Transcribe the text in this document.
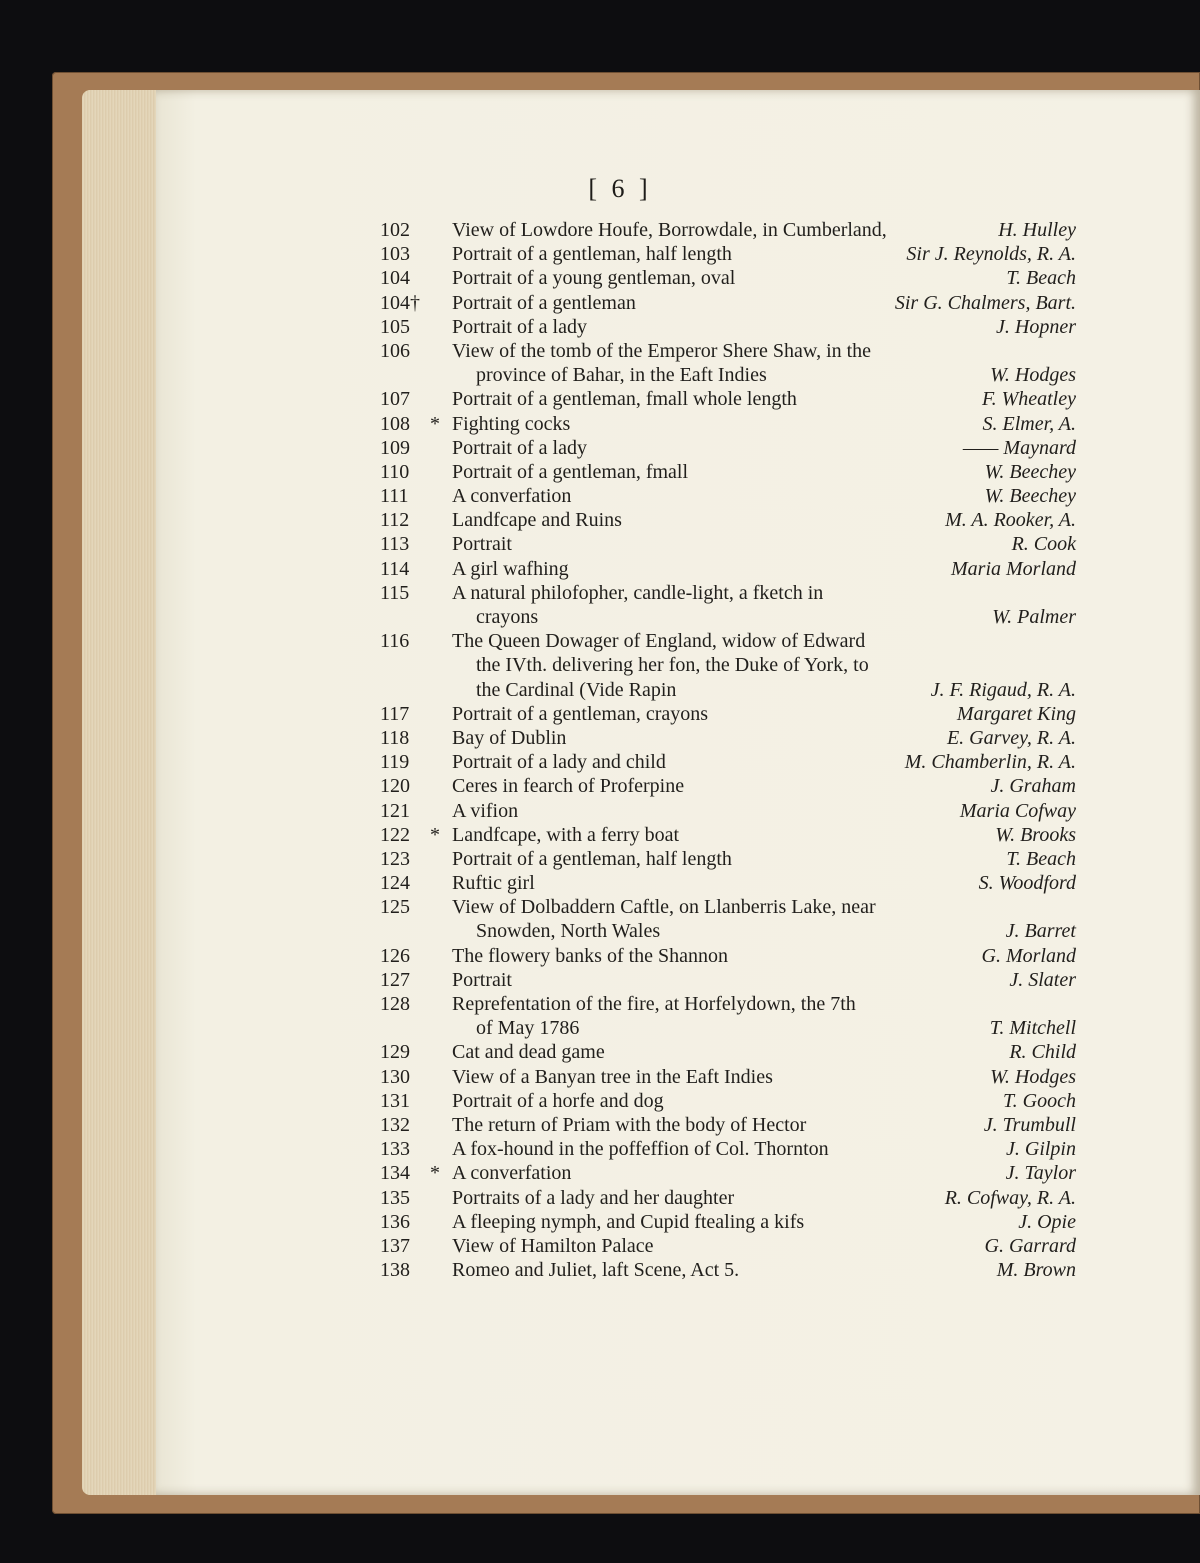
[ 6 ]
102	View of Lowdore Houfe, Borrowdale, in Cumberland,	H. Hulley
103	Portrait of a gentleman, half length	Sir J. Reynolds, R. A.
104	Portrait of a young gentleman, oval	T. Beach
104†	Portrait of a gentleman	Sir G. Chalmers, Bart.
105	Portrait of a lady	J. Hopner
106	View of the tomb of the Emperor Shere Shaw, in the
province of Bahar, in the Eaft Indies	W. Hodges
107	Portrait of a gentleman, fmall whole length	F. Wheatley
108	* Fighting cocks	S. Elmer, A.
109	Portrait of a lady	—— Maynard
110	Portrait of a gentleman, fmall	W. Beechey
111	A converfation	W. Beechey
112	Landfcape and Ruins	M. A. Rooker, A.
113	Portrait	R. Cook
114	A girl wafhing	Maria Morland
115	A natural philofopher, candle-light, a fketch in
crayons	W. Palmer
116	The Queen Dowager of England, widow of Edward
the IVth. delivering her fon, the Duke of York, to
the Cardinal (Vide Rapin	J. F. Rigaud, R. A.
117	Portrait of a gentleman, crayons	Margaret King
118	Bay of Dublin	E. Garvey, R. A.
119	Portrait of a lady and child	M. Chamberlin, R. A.
120	Ceres in fearch of Proferpine	J. Graham
121	A vifion	Maria Cofway
122	* Landfcape, with a ferry boat	W. Brooks
123	Portrait of a gentleman, half length	T. Beach
124	Ruftic girl	S. Woodford
125	View of Dolbaddern Caftle, on Llanberris Lake, near
Snowden, North Wales	J. Barret
126	The flowery banks of the Shannon	G. Morland
127	Portrait	J. Slater
128	Reprefentation of the fire, at Horfelydown, the 7th
of May 1786	T. Mitchell
129	Cat and dead game	R. Child
130	View of a Banyan tree in the Eaft Indies	W. Hodges
131	Portrait of a horfe and dog	T. Gooch
132	The return of Priam with the body of Hector	J. Trumbull
133	A fox-hound in the poffeffion of Col. Thornton	J. Gilpin
134	* A converfation	J. Taylor
135	Portraits of a lady and her daughter	R. Cofway, R. A.
136	A fleeping nymph, and Cupid ftealing a kifs	J. Opie
137	View of Hamilton Palace	G. Garrard
138	Romeo and Juliet, laft Scene, Act 5.	M. Brown
